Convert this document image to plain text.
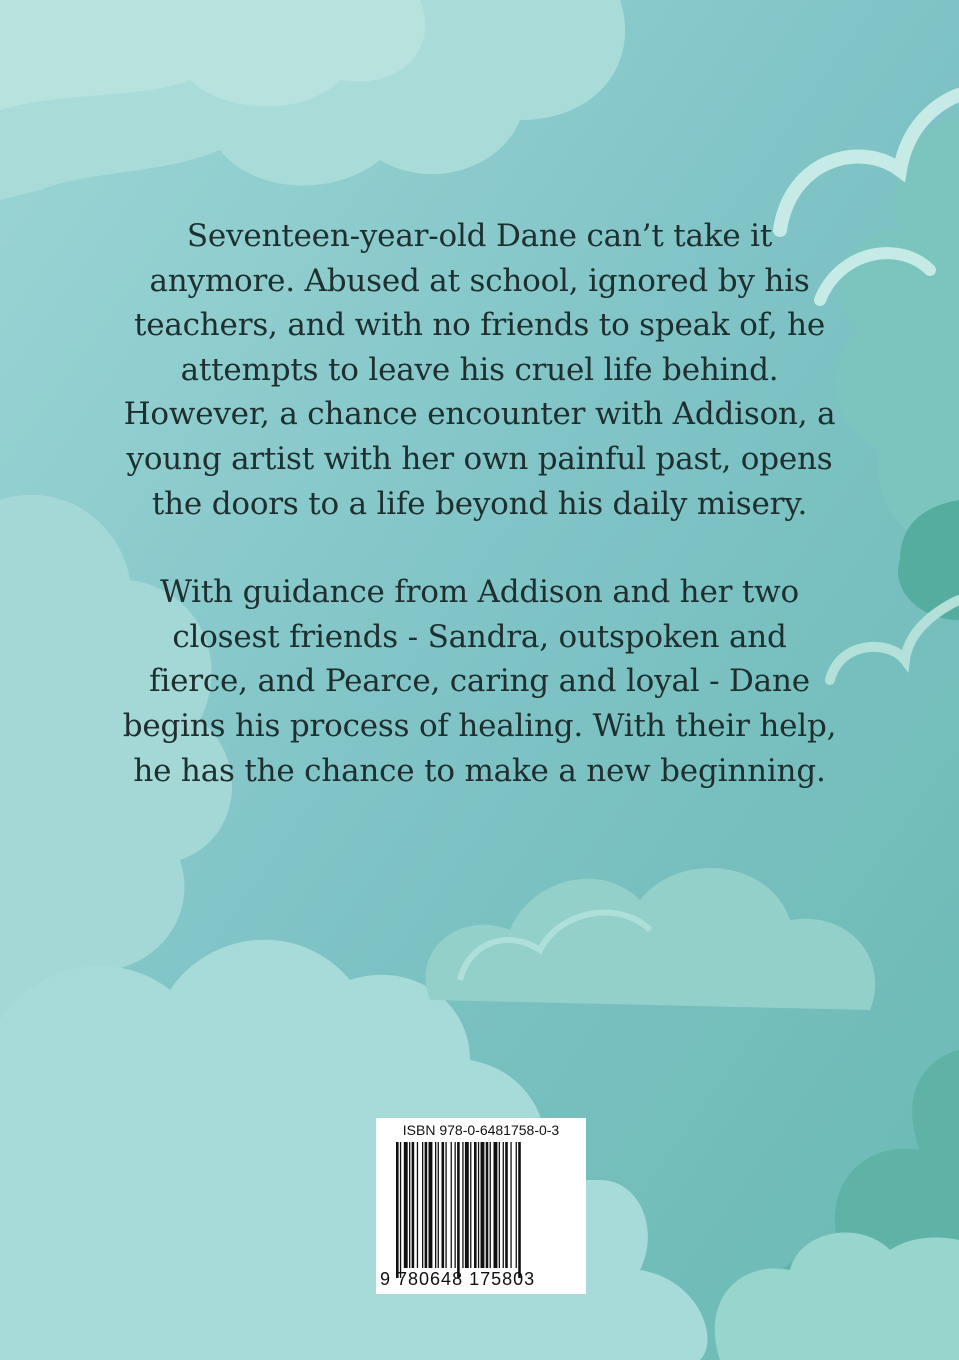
Seventeen-year-old Dane can’t take it anymore. Abused at school, ignored by his teachers, and with no friends to speak of, he attempts to leave his cruel life behind. However, a chance encounter with Addison, a young artist with her own painful past, opens the doors to a life beyond his daily misery.

With guidance from Addison and her two closest friends - Sandra, outspoken and fierce, and Pearce, caring and loyal - Dane begins his process of healing. With their help, he has the chance to make a new beginning.

ISBN 978-0-6481758-0-3
9 780648 175803
